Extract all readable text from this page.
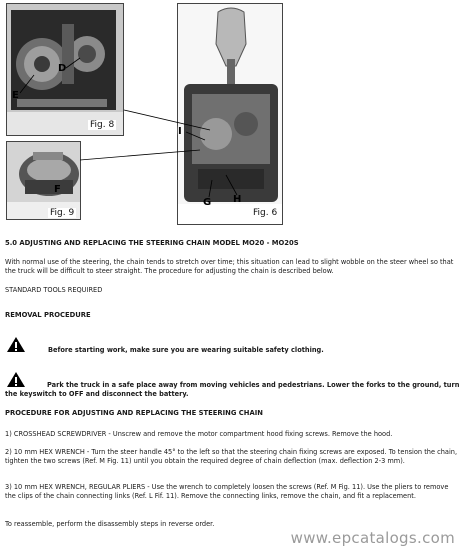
D
E
Fig. 8
F
Fig. 9
I
G H
Fig. 6
5.0 ADJUSTING AND REPLACING THE STEERING CHAIN MODEL MO20 - MO20S
With normal use of the steering, the chain tends to stretch over time; this situation can lead to slight wobble on the steer wheel so that the truck will be difficult to steer straight. The procedure for adjusting the chain is described below.
STANDARD TOOLS REQUIRED
REMOVAL PROCEDURE
Before starting work, make sure you are wearing suitable safety clothing.
Park the truck in a safe place away from moving vehicles and pedestrians. Lower the forks to the ground, turn the keyswitch to OFF and disconnect the battery.
PROCEDURE FOR ADJUSTING AND REPLACING THE STEERING CHAIN
1) CROSSHEAD SCREWDRIVER - Unscrew and remove the motor compartment hood fixing screws. Remove the hood.
2) 10 mm HEX WRENCH - Turn the steer handle 45° to the left so that the steering chain fixing screws are exposed. To tension the chain, tighten the two screws (Ref. M Fig. 11) until you obtain the required degree of chain deflection (max. deflection 2-3 mm).
3) 10 mm HEX WRENCH, REGULAR PLIERS - Use the wrench to completely loosen the screws (Ref. M Fig. 11). Use the pliers to remove the clips of the chain connecting links (Ref. L Fif. 11). Remove the connecting links, remove the chain, and fit a replacement.
To reassemble, perform the disassembly steps in reverse order.
www.epcatalogs.com
